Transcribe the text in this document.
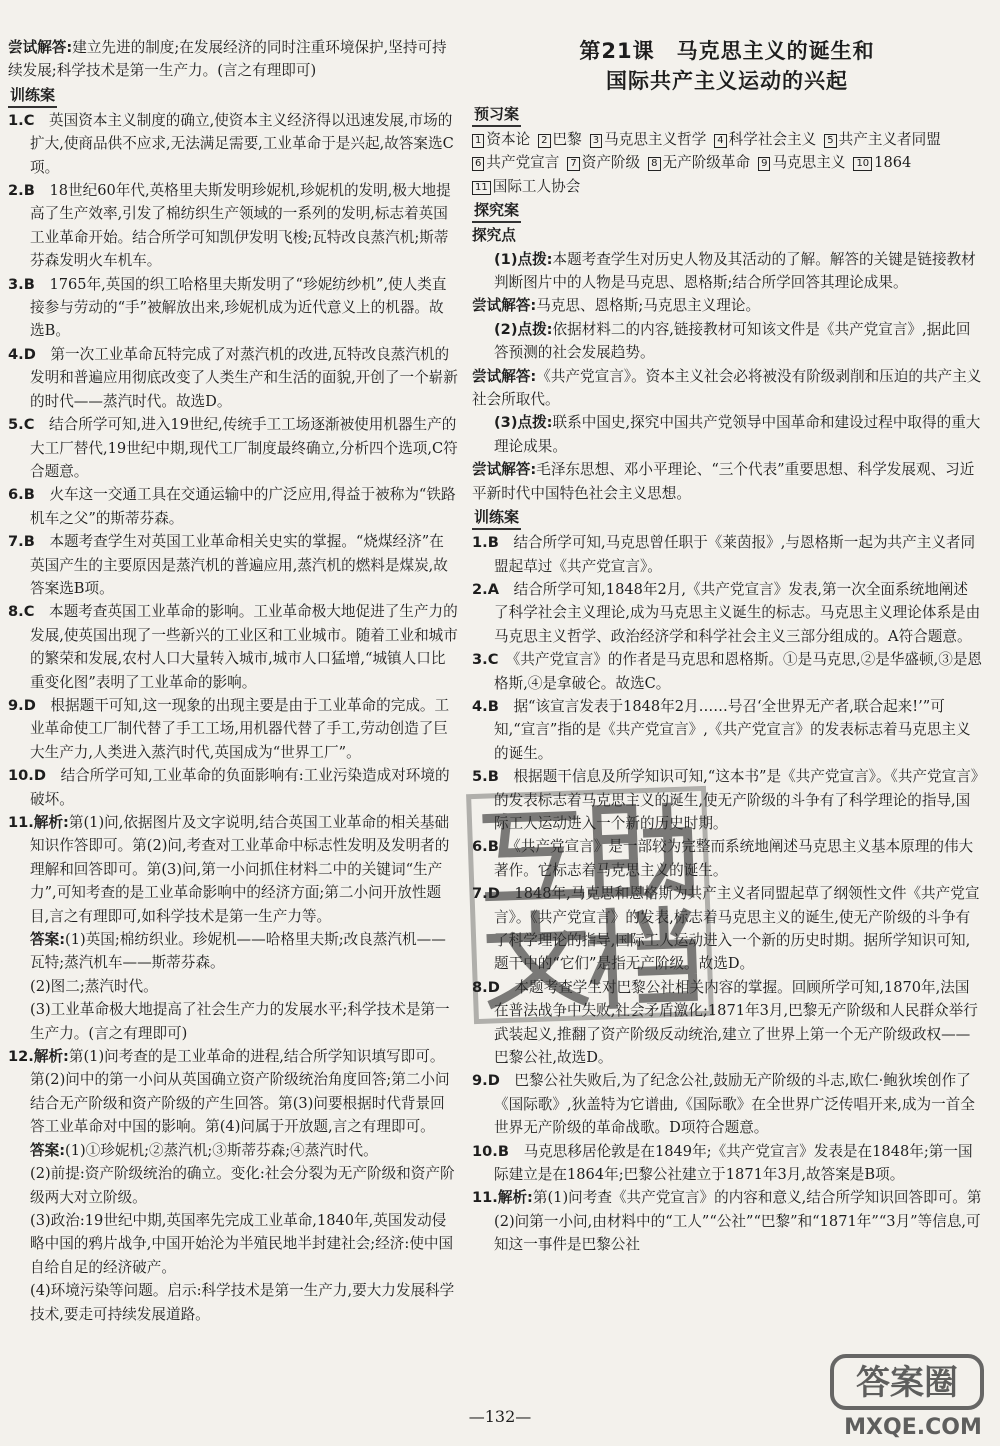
尝试解答:建立先进的制度;在发展经济的同时注重环境保护,坚持可持续发展;科学技术是第一生产力。(言之有理即可)

训练案

1.C　 英国资本主义制度的确立,使资本主义经济得以迅速发展,市场的扩大,使商品供不应求,无法满足需要,工业革命于是兴起,故答案选C项。

2.B　 18世纪60年代,英格里夫斯发明珍妮机,珍妮机的发明,极大地提高了生产效率,引发了棉纺织生产领域的一系列的发明,标志着英国工业革命开始。结合所学可知凯伊发明飞梭;瓦特改良蒸汽机;斯蒂芬森发明火车机车。

3.B　 1765年,英国的织工哈格里夫斯发明了“珍妮纺纱机”,使人类直接参与劳动的“手”被解放出来,珍妮机成为近代意义上的机器。故选B。

4.D　 第一次工业革命瓦特完成了对蒸汽机的改进,瓦特改良蒸汽机的发明和普遍应用彻底改变了人类生产和生活的面貌,开创了一个崭新的时代——蒸汽时代。故选D。

5.C　 结合所学可知,进入19世纪,传统手工工场逐渐被使用机器生产的大工厂替代,19世纪中期,现代工厂制度最终确立,分析四个选项,C符合题意。

6.B　 火车这一交通工具在交通运输中的广泛应用,得益于被称为“铁路机车之父”的斯蒂芬森。

7.B　 本题考查学生对英国工业革命相关史实的掌握。“烧煤经济”在英国产生的主要原因是蒸汽机的普遍应用,蒸汽机的燃料是煤炭,故答案选B项。

8.C　 本题考查英国工业革命的影响。工业革命极大地促进了生产力的发展,使英国出现了一些新兴的工业区和工业城市。随着工业和城市的繁荣和发展,农村人口大量转入城市,城市人口猛增,“城镇人口比重变化图”表明了工业革命的影响。

9.D　 根据题干可知,这一现象的出现主要是由于工业革命的完成。工业革命使工厂制代替了手工工场,用机器代替了手工,劳动创造了巨大生产力,人类进入蒸汽时代,英国成为“世界工厂”。

10.D　 结合所学可知,工业革命的负面影响有:工业污染造成对环境的破坏。

11.解析:第(1)问,依据图片及文字说明,结合英国工业革命的相关基础知识作答即可。第(2)问,考查对工业革命中标志性发明及发明者的理解和回答即可。第(3)问,第一小问抓住材料二中的关键词“生产力”,可知考查的是工业革命影响中的经济方面;第二小问开放性题目,言之有理即可,如科学技术是第一生产力等。

答案:(1)英国;棉纺织业。珍妮机——哈格里夫斯;改良蒸汽机——瓦特;蒸汽机车——斯蒂芬森。

(2)图二;蒸汽时代。

(3)工业革命极大地提高了社会生产力的发展水平;科学技术是第一生产力。(言之有理即可)

12.解析:第(1)问考查的是工业革命的进程,结合所学知识填写即可。第(2)问中的第一小问从英国确立资产阶级统治角度回答;第二小问结合无产阶级和资产阶级的产生回答。第(3)问要根据时代背景回答工业革命对中国的影响。第(4)问属于开放题,言之有理即可。

答案:(1)①珍妮机;②蒸汽机;③斯蒂芬森;④蒸汽时代。

(2)前提:资产阶级统治的确立。变化:社会分裂为无产阶级和资产阶级两大对立阶级。

(3)政治:19世纪中期,英国率先完成工业革命,1840年,英国发动侵略中国的鸦片战争,中国开始沦为半殖民地半封建社会;经济:使中国自给自足的经济破产。

(4)环境污染等问题。启示:科学技术是第一生产力,要大力发展科学技术,要走可持续发展道路。

第21课　马克思主义的诞生和
国际共产主义运动的兴起
预习案
1 资本论 2 巴黎 3 马克思主义哲学 4 科学社会主义 5 共产主义者同盟6 共产党宣言 7 资产阶级 8 无产阶级革命 9 马克思主义 10 186411 国际工人协会
探究案

探究点

(1)点拨:本题考查学生对历史人物及其活动的了解。解答的关键是链接教材判断图片中的人物是马克思、恩格斯;结合所学回答其理论成果。

尝试解答:马克思、恩格斯;马克思主义理论。

(2)点拨:依据材料二的内容,链接教材可知该文件是《共产党宣言》,据此回答预测的社会发展趋势。

尝试解答:《共产党宣言》。资本主义社会必将被没有阶级剥削和压迫的共产主义社会所取代。

(3)点拨:联系中国史,探究中国共产党领导中国革命和建设过程中取得的重大理论成果。

尝试解答:毛泽东思想、邓小平理论、“三个代表”重要思想、科学发展观、习近平新时代中国特色社会主义思想。

训练案

1.B　 结合所学可知,马克思曾任职于《莱茵报》,与恩格斯一起为共产主义者同盟起草过《共产党宣言》。

2.A　 结合所学可知,1848年2月,《共产党宣言》发表,第一次全面系统地阐述了科学社会主义理论,成为马克思主义诞生的标志。马克思主义理论体系是由马克思主义哲学、政治经济学和科学社会主义三部分组成的。A符合题意。

3.C　 《共产党宣言》的作者是马克思和恩格斯。①是马克思,②是华盛顿,③是恩格斯,④是拿破仑。故选C。

4.B　 据“该宣言发表于1848年2月……号召‘全世界无产者,联合起来!’”可知,“宣言”指的是《共产党宣言》,《共产党宣言》的发表标志着马克思主义的诞生。

5.B　 根据题干信息及所学知识可知,“这本书”是《共产党宣言》。《共产党宣言》的发表标志着马克思主义的诞生,使无产阶级的斗争有了科学理论的指导,国际工人运动进入一个新的历史时期。

6.B　 《共产党宣言》是一部较为完整而系统地阐述马克思主义基本原理的伟大著作。它标志着马克思主义的诞生。

7.D　 1848年,马克思和恩格斯为共产主义者同盟起草了纲领性文件《共产党宣言》。《共产党宣言》的发表,标志着马克思主义的诞生,使无产阶级的斗争有了科学理论的指导,国际工人运动进入一个新的历史时期。据所学知识可知,题干中的“它们”是指无产阶级。故选D。

8.D　 本题考查学生对巴黎公社相关内容的掌握。回顾所学可知,1870年,法国在普法战争中失败,社会矛盾激化;1871年3月,巴黎无产阶级和人民群众举行武装起义,推翻了资产阶级反动统治,建立了世界上第一个无产阶级政权——巴黎公社,故选D。

9.D　 巴黎公社失败后,为了纪念公社,鼓励无产阶级的斗志,欧仁·鲍狄埃创作了《国际歌》,狄盖特为它谱曲,《国际歌》在全世界广泛传唱开来,成为一首全世界无产阶级的革命战歌。D项符合题意。

10.B　 马克思移居伦敦是在1849年;《共产党宣言》发表是在1848年;第一国际建立是在1864年;巴黎公社建立于1871年3月,故答案是B项。

11.解析:第(1)问考查《共产党宣言》的内容和意义,结合所学知识回答即可。第(2)问第一小问,由材料中的“工人”“公社”“巴黎”和“1871年”“3月”等信息,可知这一事件是巴黎公社

答案圈
MXQE.COM
—132—
